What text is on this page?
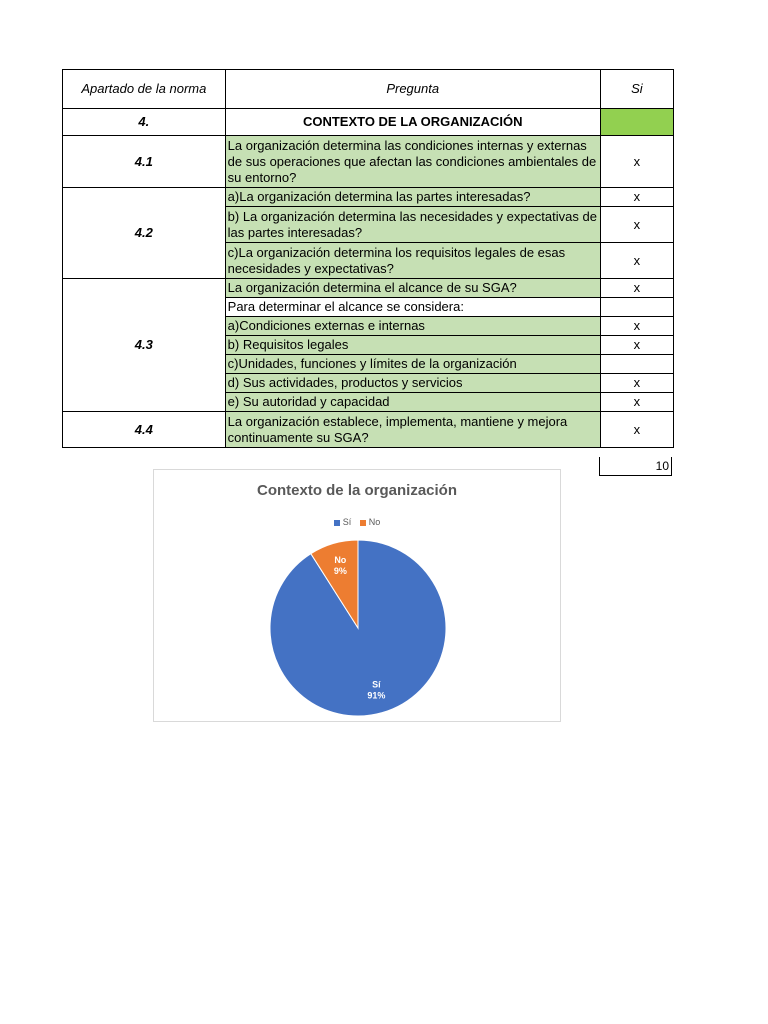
Apartado de la norma	Pregunta	Si
4.	CONTEXTO DE LA ORGANIZACIÓN	
4.1	La organización determina las condiciones internas y externas de sus operaciones que afectan las condiciones ambientales de su entorno?	x
4.2	a)La organización determina las partes interesadas?	x
	b) La organización determina las necesidades y expectativas de las partes interesadas?	x
	c)La organización determina los requisitos legales de esas necesidades y expectativas?	x
4.3	La organización determina el alcance de su SGA?	x
	Para determinar el alcance se considera:	
	a)Condiciones externas e internas	x
	b) Requisitos legales	x
	c)Unidades, funciones y límites de la organización	
	d) Sus actividades, productos y servicios	x
	e) Su autoridad y capacidad	x
4.4	La organización establece, implementa, mantiene y mejora continuamente su SGA?	x
10
Contexto de la organización
Sí No
Sí 91%
No 9%
